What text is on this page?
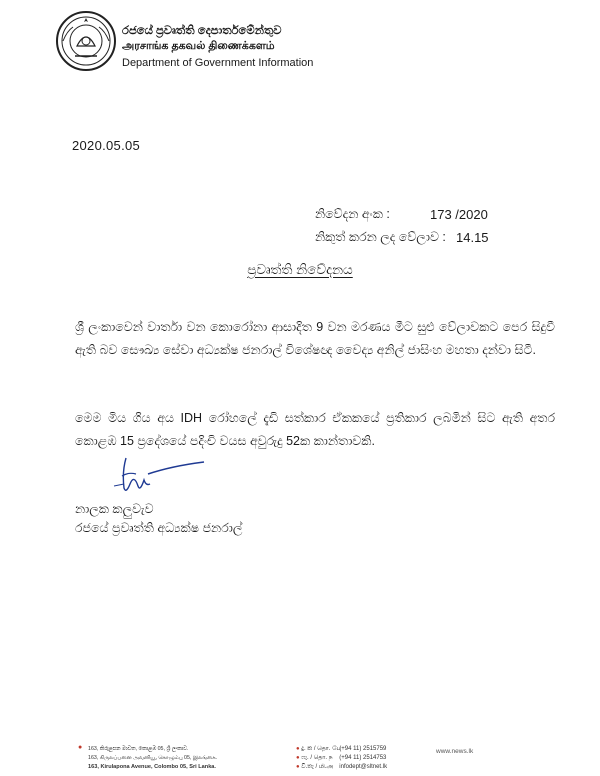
රජයේ ප්‍රවෘත්ති දෙපාර්තමේන්තුව
அரசாங்க தகவல் திணைக்களம்
Department of Government Information
2020.05.05
නිවේදන අංක :	173 /2020
නිකුත් කරන ලද වේලාව : 14.15
ප්‍රවෘත්ති නිවේදනය
ශ්‍රී ලංකාවෙන් වාර්තා වන කොරෝනා ආසාදිත 9 වන මරණය මීට සුළු වේලාවකට පෙර සිදුවී ඇති බව සෞඛ්‍ය සේවා අධ්‍යක්ෂ ජනරාල් විශේෂඥ වෛද්‍ය අනිල් ජාසිංහ මහතා දන්වා සිටී.
මෙම මිය ගිය අය IDH රෝහලේ දැඩි සත්කාර ඒකකයේ ප්‍රතිකාර ලබමින් සිට ඇති අතර කොළඹ 15 ප්‍රදේශයේ පදිංචි වයස අවුරුදු 52ක කාන්තාවකි.
නාලක කලුවැව
රජයේ ප්‍රවෘත්ති අධ්‍යක්ෂ ජනරාල්
● 163, කිරුළපන මාවත, කොළඹ 05, ශ්‍රී ලංකාව.
163, கிருலப்பனை அவனியூ, கொழும்பு 05, இலங்கை.
163, Kirulapona Avenue, Colombo 05, Sri Lanka.
● දු. ක / தொ. பே(+94 11) 2515759
● ෆැ. / தொ. ந (+94 11) 2514753
● වි.තැ / மி.அ infodept@sltnet.lk
www.news.lk
